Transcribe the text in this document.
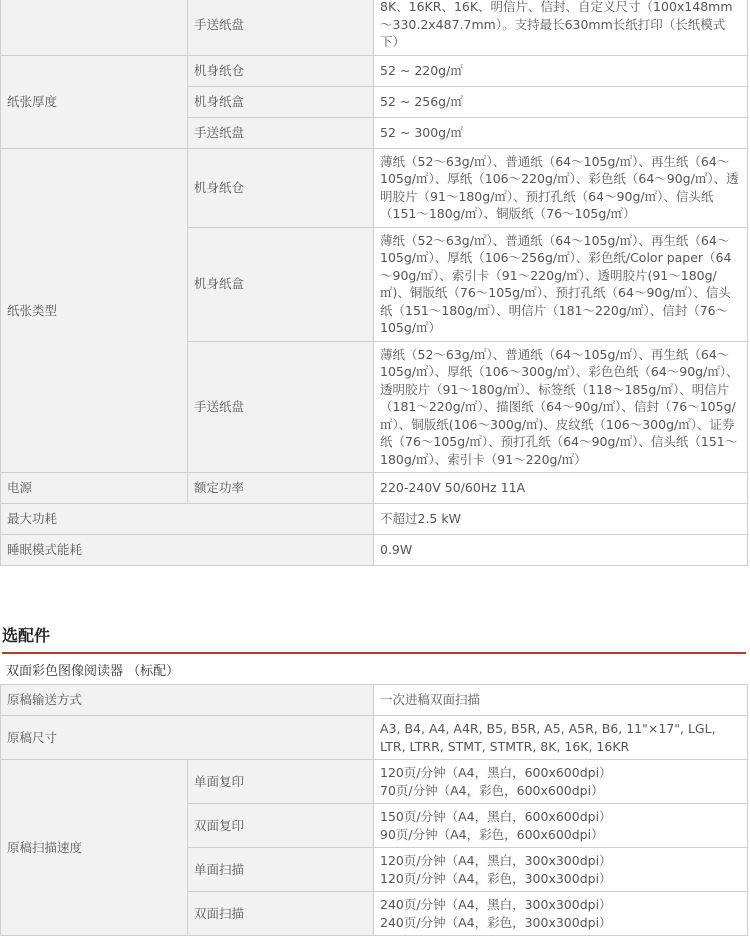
	手送纸盘	8K、16KR、16K、明信片、信封、自定义尺寸（100x148mm～330.2x487.7mm）。支持最长630mm长纸打印（长纸模式下）
纸张厚度	机身纸仓	52 ~ 220g/㎡
	机身纸盒	52 ~ 256g/㎡
	手送纸盘	52 ~ 300g/㎡
纸张类型	机身纸仓	薄纸（52～63g/㎡）、普通纸（64～105g/㎡）、再生纸（64～105g/㎡）、厚纸（106～220g/㎡）、彩色纸（64～90g/㎡）、透明胶片（91～180g/㎡）、预打孔纸（64～90g/㎡）、信头纸（151～180g/㎡）、铜版纸（76～105g/㎡）
	机身纸盒	薄纸（52～63g/㎡）、普通纸（64～105g/㎡）、再生纸（64～105g/㎡）、厚纸（106～256g/㎡）、彩色纸/Color paper（64～90g/㎡）、索引卡（91～220g/㎡）、透明胶片(91～180g/㎡)、铜版纸（76～105g/㎡）、预打孔纸（64～90g/㎡）、信头纸（151～180g/㎡）、明信片（181～220g/㎡）、信封（76～105g/㎡）
	手送纸盘	薄纸（52～63g/㎡）、普通纸（64～105g/㎡）、再生纸（64～105g/㎡）、厚纸（106～300g/㎡）、彩色色纸（64～90g/㎡）、透明胶片（91～180g/㎡）、标签纸（118～185g/㎡）、明信片（181～220g/㎡）、描图纸（64～90g/㎡）、信封（76～105g/㎡）、铜版纸(106～300g/㎡)、皮纹纸（106～300g/㎡）、证券纸（76～105g/㎡）、预打孔纸（64～90g/㎡）、信头纸（151～180g/㎡）、索引卡（91～220g/㎡）
电源	额定功率	220-240V 50/60Hz 11A
最大功耗		不超过2.5 kW
睡眠模式能耗		0.9W
选配件
双面彩色图像阅读器 （标配）
原稿输送方式		一次进稿双面扫描
原稿尺寸		A3, B4, A4, A4R, B5, B5R, A5, A5R, B6, 11"×17", LGL, LTR, LTRR, STMT, STMTR, 8K, 16K, 16KR
原稿扫描速度	单面复印	120页/分钟（A4，黑白，600x600dpi）
70页/分钟（A4，彩色，600x600dpi）

	双面复印	150页/分钟（A4，黑白，600x600dpi）
90页/分钟（A4，彩色，600x600dpi）

	单面扫描	120页/分钟（A4，黑白，300x300dpi）
120页/分钟（A4，彩色，300x300dpi）

	双面扫描	240页/分钟（A4，黑白，300x300dpi）
240页/分钟（A4，彩色，300x300dpi）
